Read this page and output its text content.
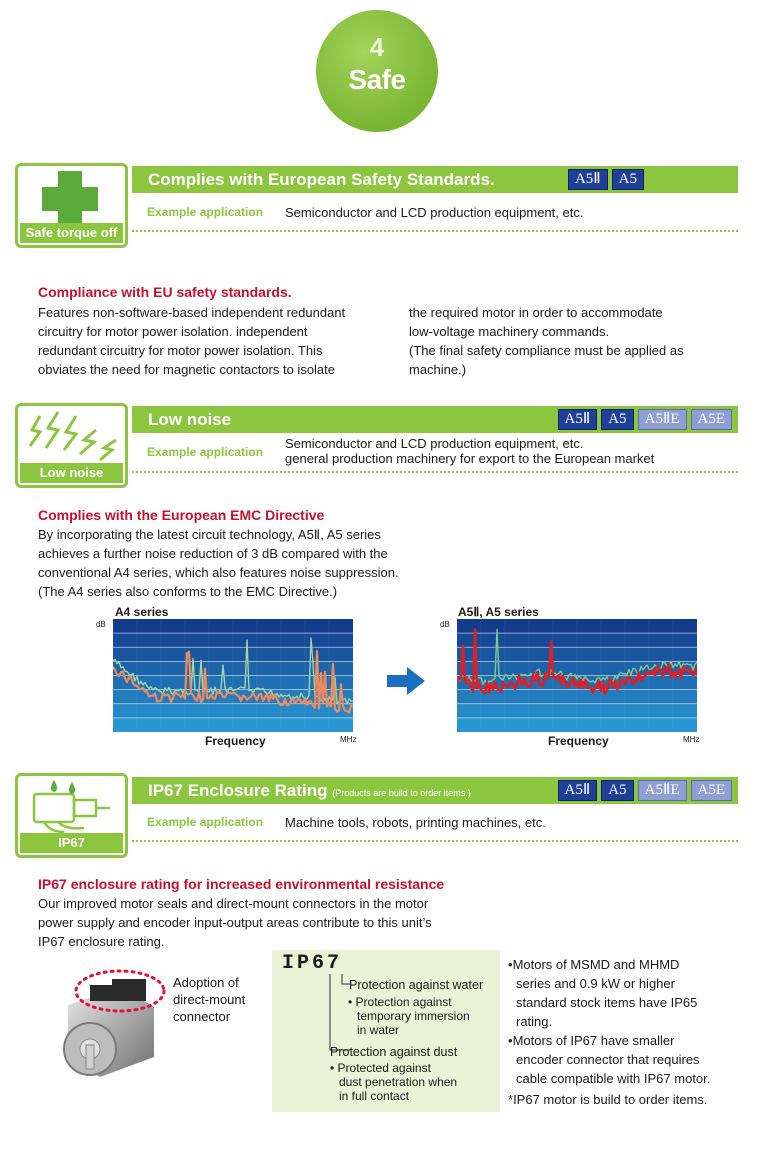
4
Safe
Safe torque off
Complies with European Safety Standards.	A5Ⅱ	A5
Example application Semiconductor and LCD production equipment, etc.
Compliance with EU safety standards.
Features non-software-based independent redundant
circuitry for motor power isolation. independent
redundant circuitry for motor power isolation. This
obviates the need for magnetic contactors to isolate
the required motor in order to accommodate
low-voltage machinery commands.
(The final safety compliance must be applied as
machine.)
Low noise
Low noise	A5Ⅱ	A5	A5ⅡE	A5E
Example application
Semiconductor and LCD production equipment, etc.
general production machinery for export to the European market
Complies with the European EMC Directive
By incorporating the latest circuit technology, A5Ⅱ, A5 series
achieves a further noise reduction of 3 dB compared with the
conventional A4 series, which also features noise suppression.
(The A4 series also conforms to the EMC Directive.)
A4 series
dB
Frequency	MHz
A5Ⅱ, A5 series
dB
Frequency	MHz
IP67
IP67 Enclosure Rating (Products are build to order items.)	A5Ⅱ	A5	A5ⅡE	A5E
Example application Machine tools, robots, printing machines, etc.
IP67 enclosure rating for increased environmental resistance
Our improved motor seals and direct-mount connectors in the motor
power supply and encoder input-output areas contribute to this unit’s
IP67 enclosure rating.
Adoption of
direct-mount
connector
IP67
Protection against water
• Protection against
temporary immersion
in water
Protection against dust
• Protected against
dust penetration when
in full contact
•Motors of MSMD and MHMD
series and 0.9 kW or higher
standard stock items have IP65
rating.
•Motors of IP67 have smaller
encoder connector that requires
cable compatible with IP67 motor.
*IP67 motor is build to order items.
